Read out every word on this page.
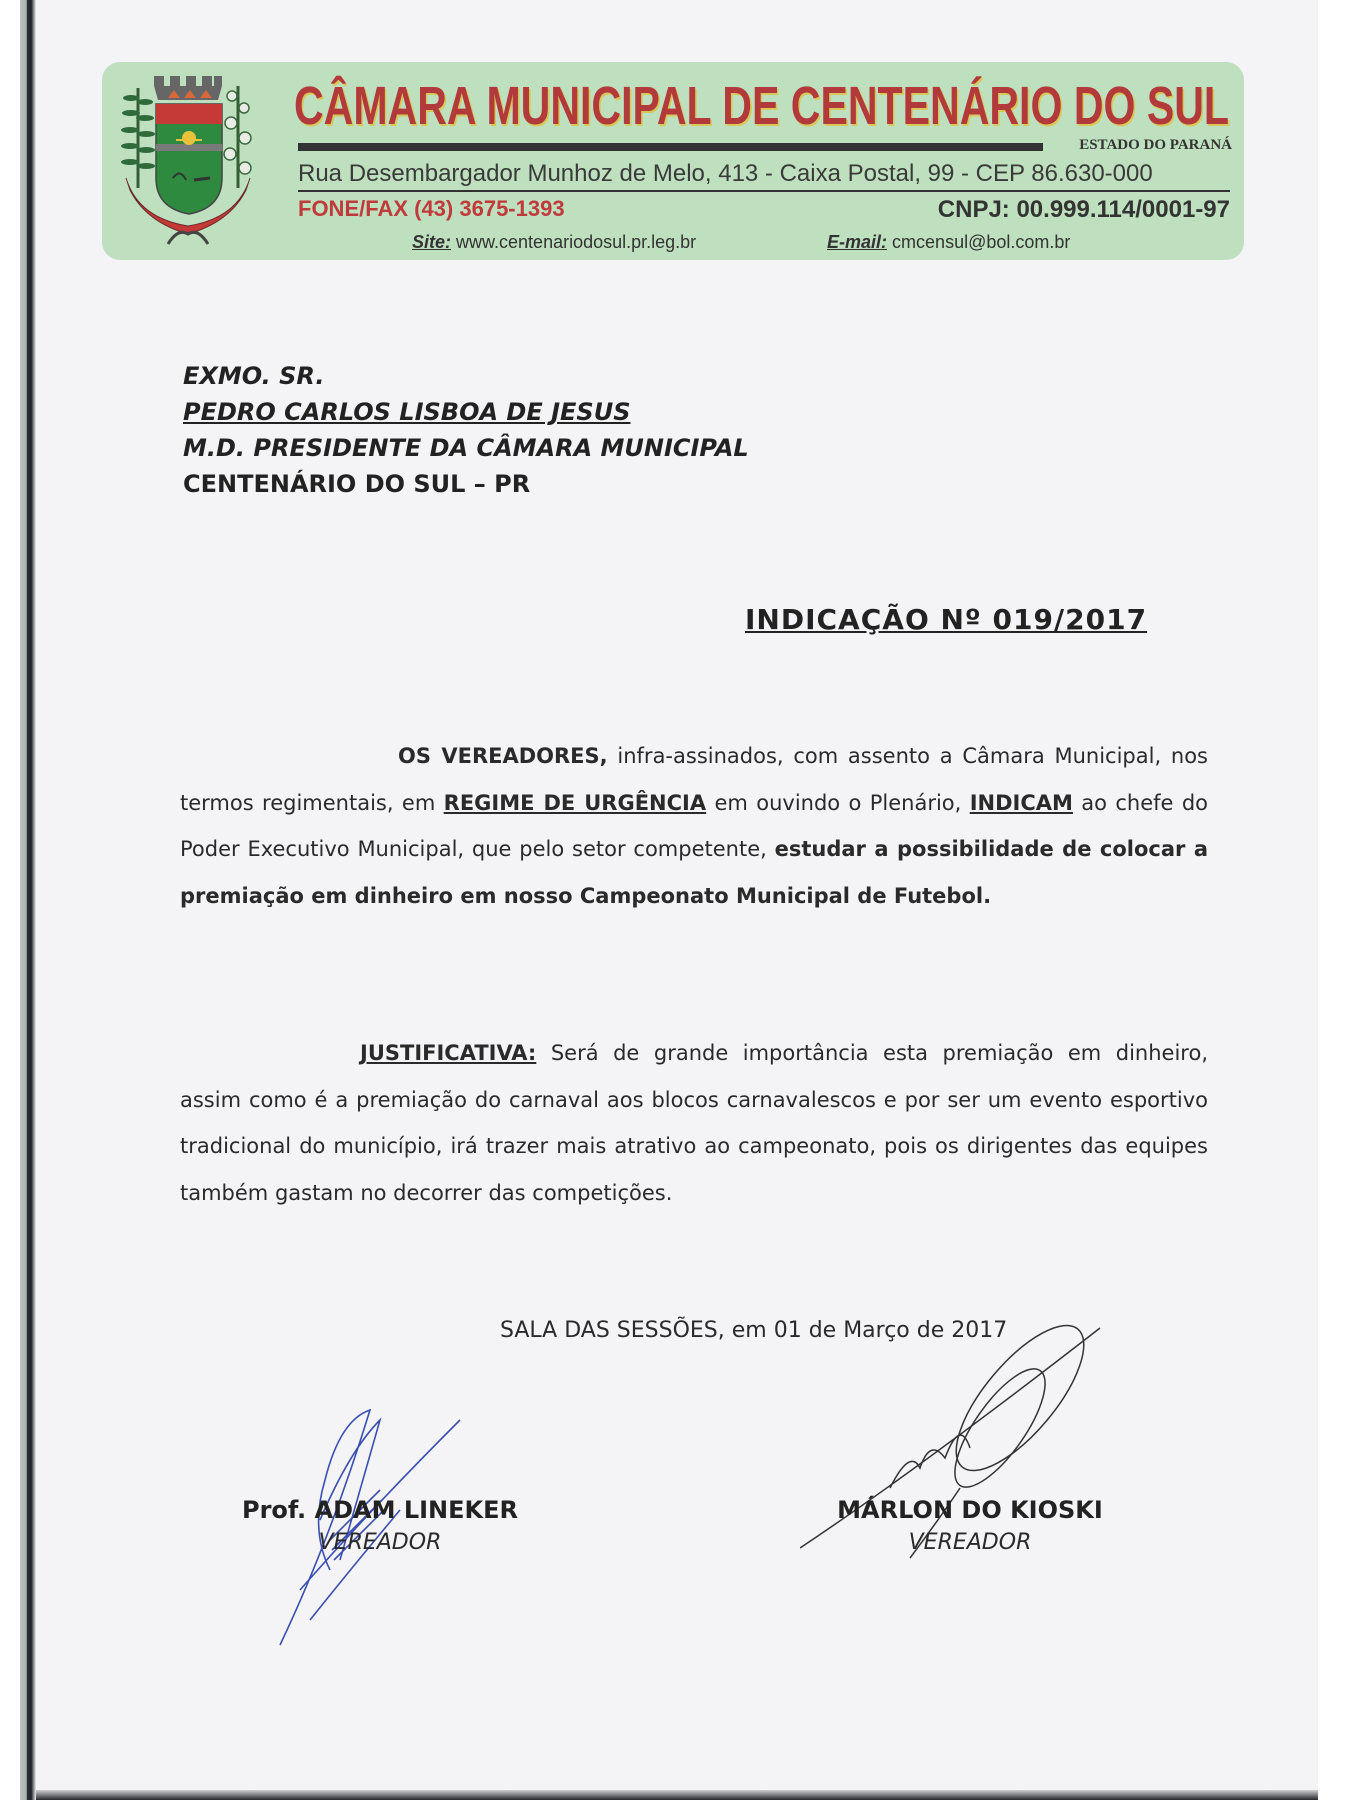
CÂMARA MUNICIPAL DE CENTENÁRIO DO SUL
ESTADO DO PARANÁ
Rua Desembargador Munhoz de Melo, 413 - Caixa Postal, 99 - CEP 86.630-000
FONE/FAX (43) 3675-1393	CNPJ: 00.999.114/0001-97
Site: www.centenariodosul.pr.leg.br	E-mail: cmcensul@bol.com.br
EXMO. SR.
PEDRO CARLOS LISBOA DE JESUS
M.D. PRESIDENTE DA CÂMARA MUNICIPAL
CENTENÁRIO DO SUL – PR
INDICAÇÃO Nº 019/2017
OS VEREADORES, infra-assinados, com assento a Câmara Municipal, nos termos regimentais, em REGIME DE URGÊNCIA em ouvindo o Plenário, INDICAM ao chefe do Poder Executivo Municipal, que pelo setor competente, estudar a possibilidade de colocar a premiação em dinheiro em nosso Campeonato Municipal de Futebol.
JUSTIFICATIVA: Será de grande importância esta premiação em dinheiro, assim como é a premiação do carnaval aos blocos carnavalescos e por ser um evento esportivo tradicional do município, irá trazer mais atrativo ao campeonato, pois os dirigentes das equipes também gastam no decorrer das competições.
SALA DAS SESSÕES, em 01 de Março de 2017
Prof. ADAM LINEKER
VEREADOR
MÁRLON DO KIOSKI
VEREADOR
